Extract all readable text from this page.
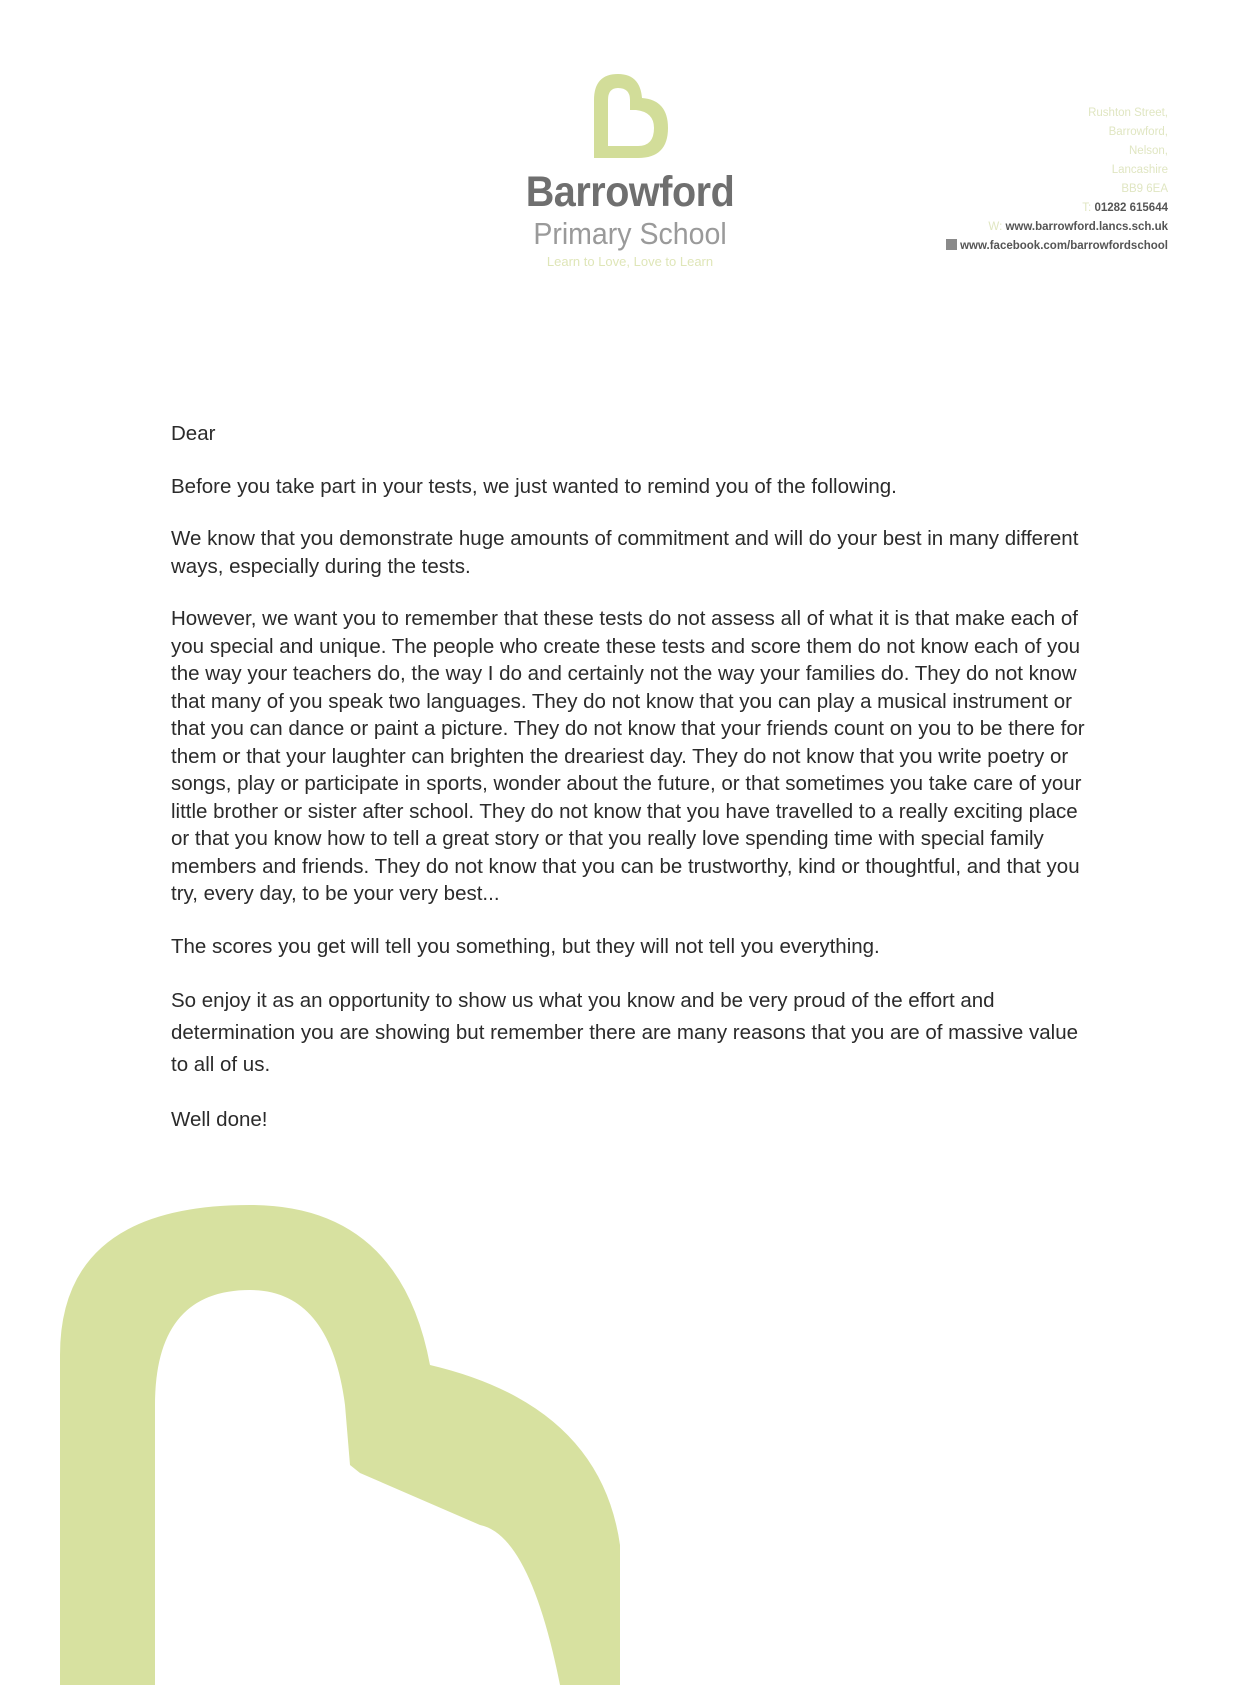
Barrowford
Primary School
Learn to Love, Love to Learn
Rushton Street,
Barrowford,
Nelson,
Lancashire
BB9 6EA
T: 01282 615644
W: www.barrowford.lancs.sch.uk
www.facebook.com/barrowfordschool

Dear

Before you take part in your tests, we just wanted to remind you of the following.

We know that you demonstrate huge amounts of commitment and will do your best in many different ways, especially during the tests.

However, we want you to remember that these tests do not assess all of what it is that make each of you special and unique. The people who create these tests and score them do not know each of you the way your teachers do, the way I do and certainly not the way your families do. They do not know that many of you speak two languages. They do not know that you can play a musical instrument or that you can dance or paint a picture. They do not know that your friends count on you to be there for them or that your laughter can brighten the dreariest day. They do not know that you write poetry or songs, play or participate in sports, wonder about the future, or that sometimes you take care of your little brother or sister after school. They do not know that you have travelled to a really exciting place or that you know how to tell a great story or that you really love spending time with special family members and friends. They do not know that you can be trustworthy, kind or thoughtful, and that you try, every day, to be your very best...

The scores you get will tell you something, but they will not tell you everything.

So enjoy it as an opportunity to show us what you know and be very proud of the effort and determination you are showing but remember there are many reasons that you are of massive value to all of us.

Well done!
